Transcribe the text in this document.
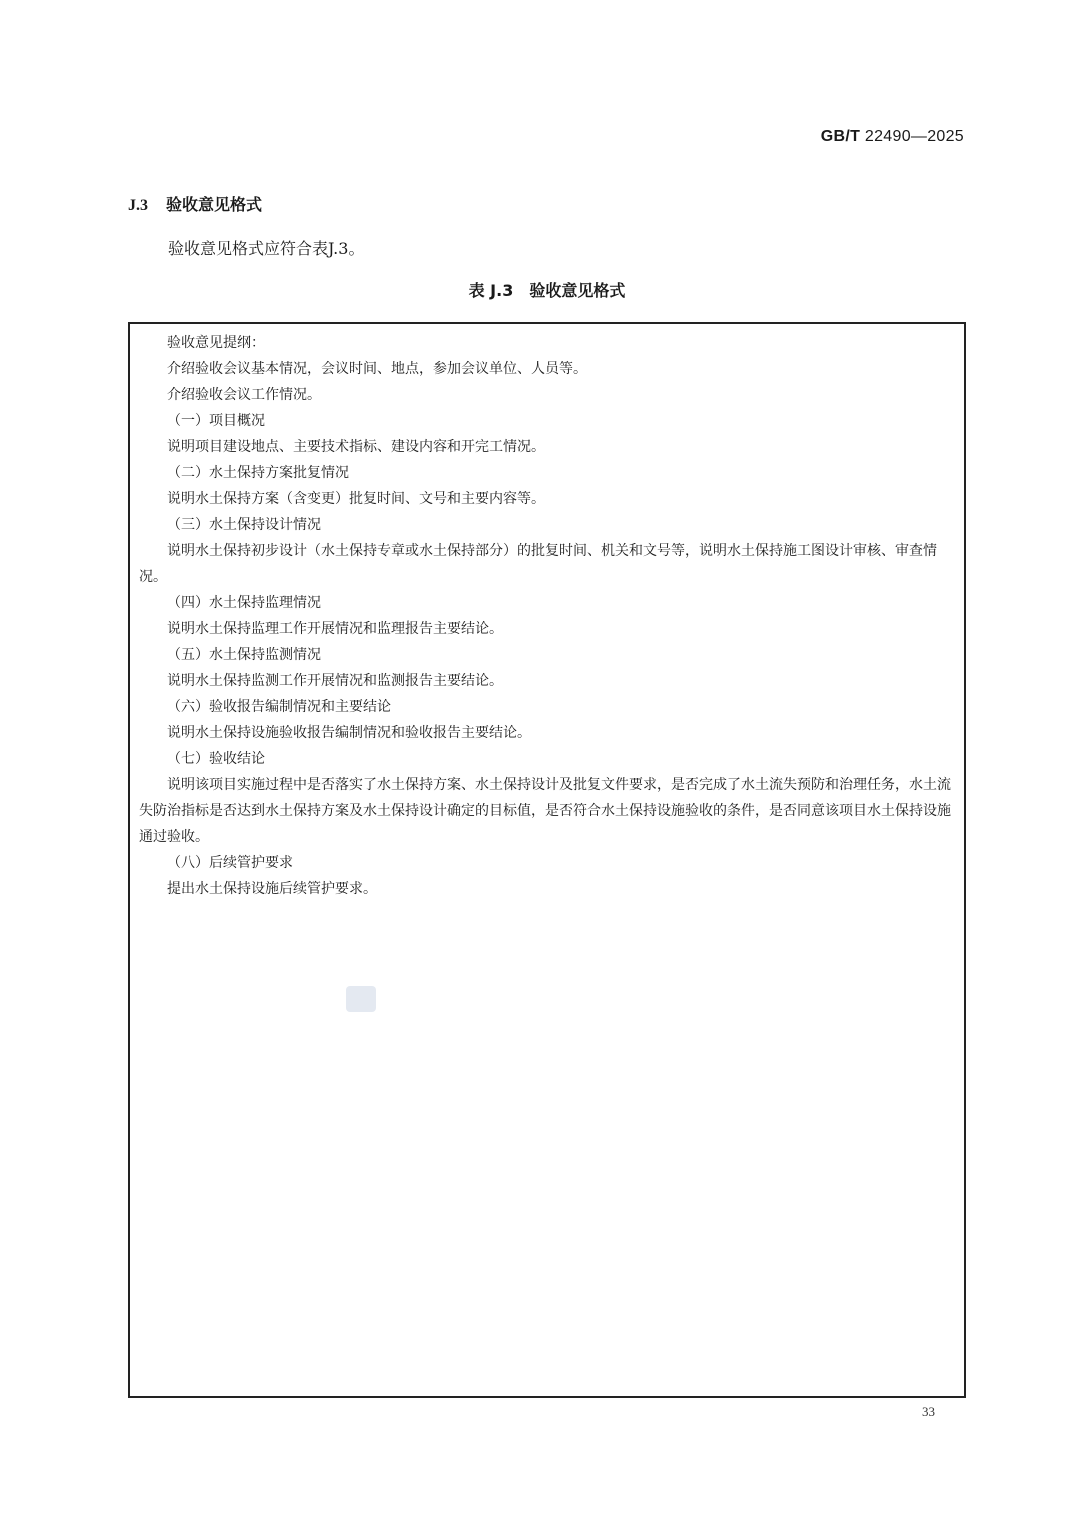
GB/T 22490—2025
J.3 验收意见格式
验收意见格式应符合表J.3。
表 J.3 验收意见格式

验收意见提纲：

介绍验收会议基本情况，会议时间、地点，参加会议单位、人员等。

介绍验收会议工作情况。

（一）项目概况

说明项目建设地点、主要技术指标、建设内容和开完工情况。

（二）水土保持方案批复情况

说明水土保持方案（含变更）批复时间、文号和主要内容等。

（三）水土保持设计情况

说明水土保持初步设计（水土保持专章或水土保持部分）的批复时间、机关和文号等，说明水土保持施工图设计审核、审查情况。

（四）水土保持监理情况

说明水土保持监理工作开展情况和监理报告主要结论。

（五）水土保持监测情况

说明水土保持监测工作开展情况和监测报告主要结论。

（六）验收报告编制情况和主要结论

说明水土保持设施验收报告编制情况和验收报告主要结论。

（七）验收结论

说明该项目实施过程中是否落实了水土保持方案、水土保持设计及批复文件要求，是否完成了水土流失预防和治理任务，水土流失防治指标是否达到水土保持方案及水土保持设计确定的目标值，是否符合水土保持设施验收的条件，是否同意该项目水土保持设施通过验收。

（八）后续管护要求

提出水土保持设施后续管护要求。

33
